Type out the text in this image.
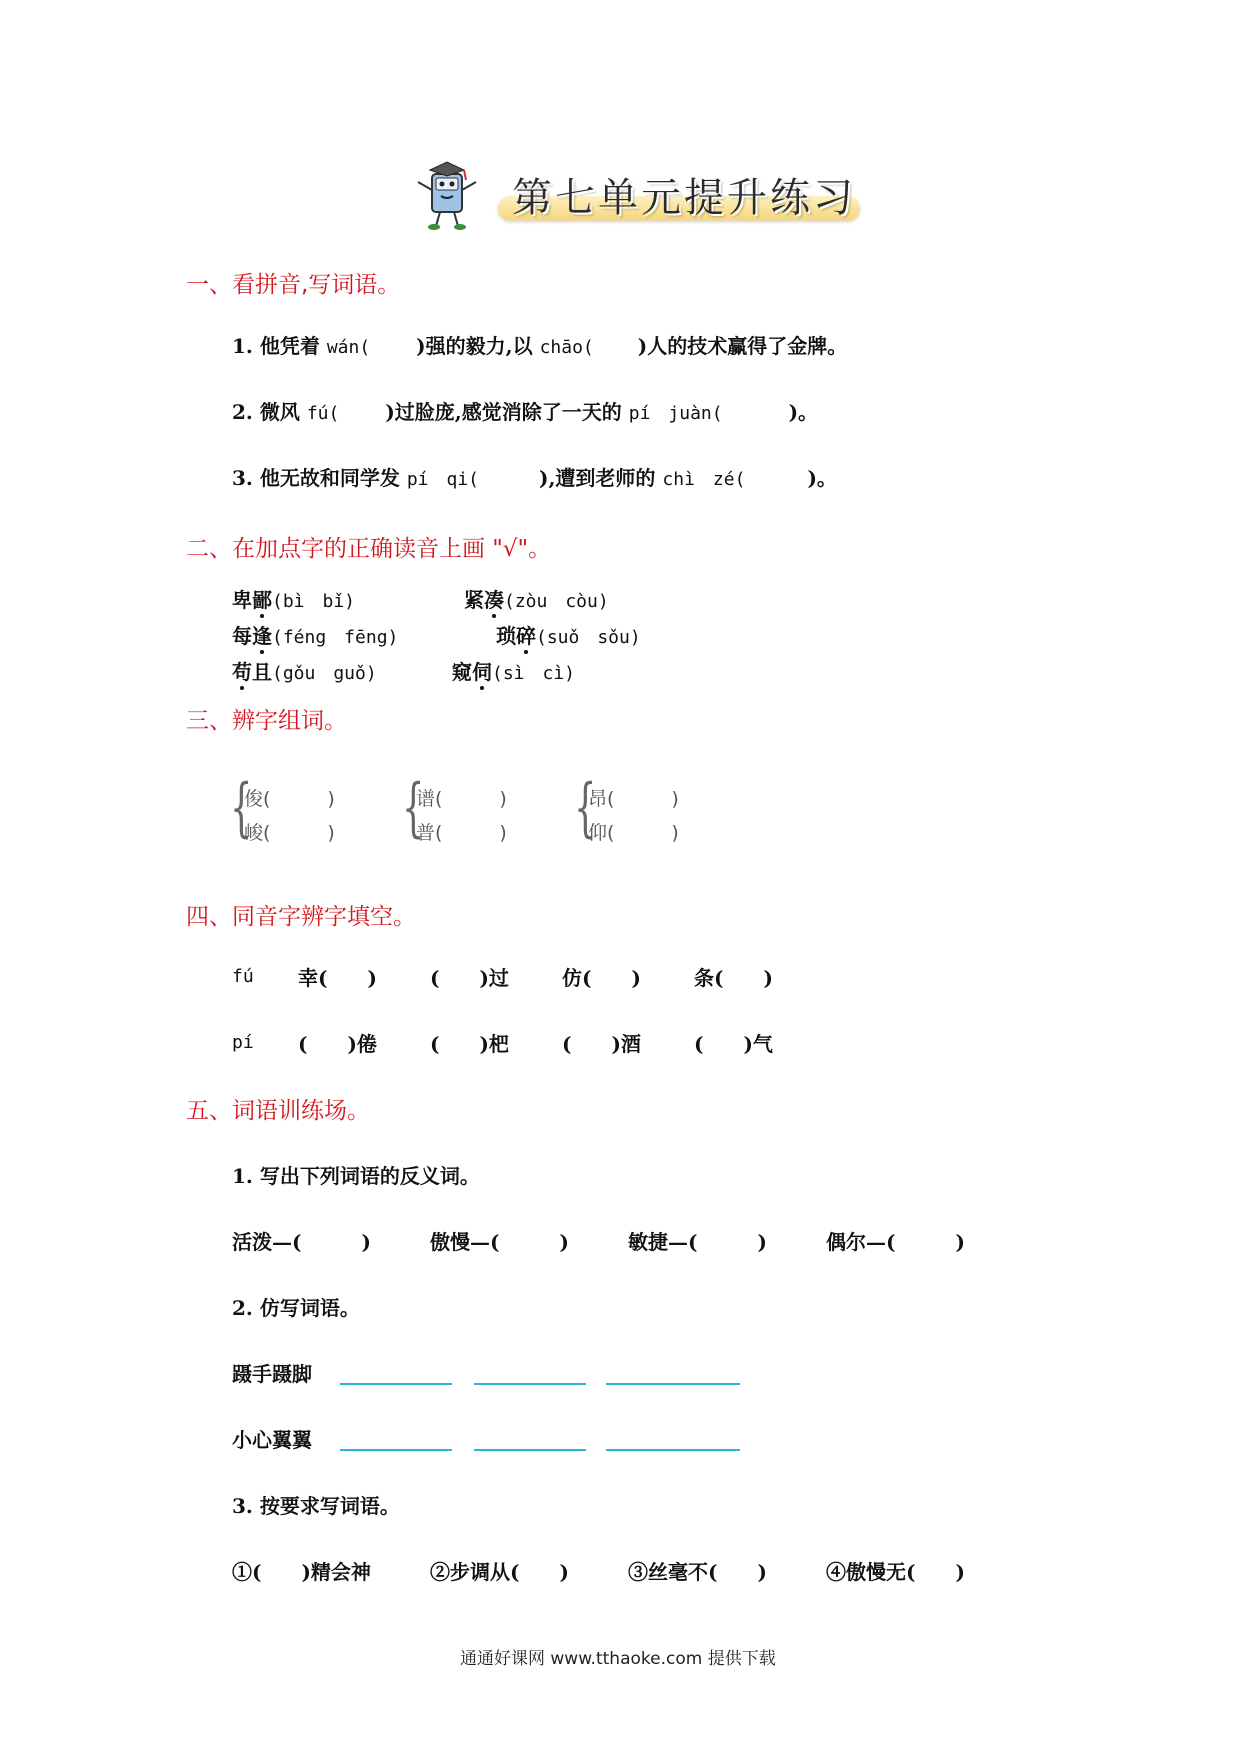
第七单元提升练习
一、看拼音,写词语。
1. 他凭着 wán( )强的毅力,以 chāo( )人的技术赢得了金牌。
2. 微风 fú( )过脸庞,感觉消除了一天的 pí　juàn(	)。
3. 他无故和同学发 pí　qi(	),遭到老师的 chì　zé(	)。
二、在加点字的正确读音上画 "√"。
卑鄙(bì　bǐ)	紧凑(zòu　còu)
每逢(féng　fēng)	琐碎(suǒ　sǒu)
苟且(gǒu　guǒ)	窥伺(sì　cì)
三、辨字组词。
{
俊(　　　)
峻(　　　) {
谱(　　　)
普(　　　) {
昂(　　　)
仰(　　　)
四、同音字辨字填空。
fú 幸(　　)	(　　)过	仿(　　)	条(　　)
pí (　　)倦	(　　)杷	(　　)酒	(　　)气
五、词语训练场。
1. 写出下列词语的反义词。
活泼—(　　　)	傲慢—(　　　)	敏捷—(　　　)	偶尔—(　　　)
2. 仿写词语。
蹑手蹑脚
小心翼翼
3. 按要求写词语。
①(　　)精会神	②步调从(　　)	③丝毫不(　　)	④傲慢无(　　)
通通好课网 www.tthaoke.com 提供下载
